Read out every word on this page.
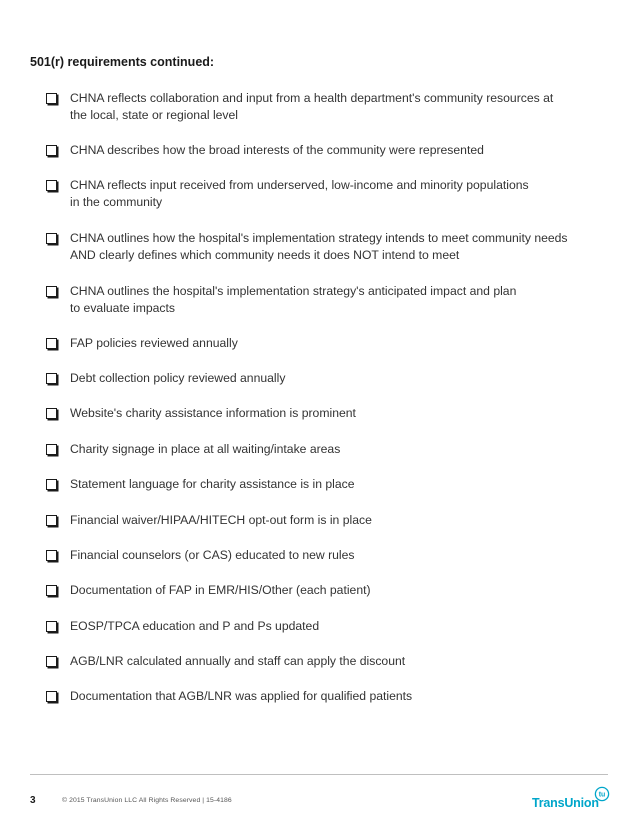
501(r) requirements continued:
CHNA reflects collaboration and input from a health department's community resources at
the local, state or regional level
CHNA describes how the broad interests of the community were represented
CHNA reflects input received from underserved, low-income and minority populations
in the community
CHNA outlines how the hospital's implementation strategy intends to meet community needs
AND clearly defines which community needs it does NOT intend to meet
CHNA outlines the hospital's implementation strategy's anticipated impact and plan
to evaluate impacts
FAP policies reviewed annually
Debt collection policy reviewed annually
Website's charity assistance information is prominent
Charity signage in place at all waiting/intake areas
Statement language for charity assistance is in place
Financial waiver/HIPAA/HITECH opt-out form is in place
Financial counselors (or CAS) educated to new rules
Documentation of FAP in EMR/HIS/Other (each patient)
EOSP/TPCA education and P and Ps updated
AGB/LNR calculated annually and staff can apply the discount
Documentation that AGB/LNR was applied for qualified patients
3	© 2015 TransUnion LLC All Rights Reserved | 15-4186	TransUnion
tu
